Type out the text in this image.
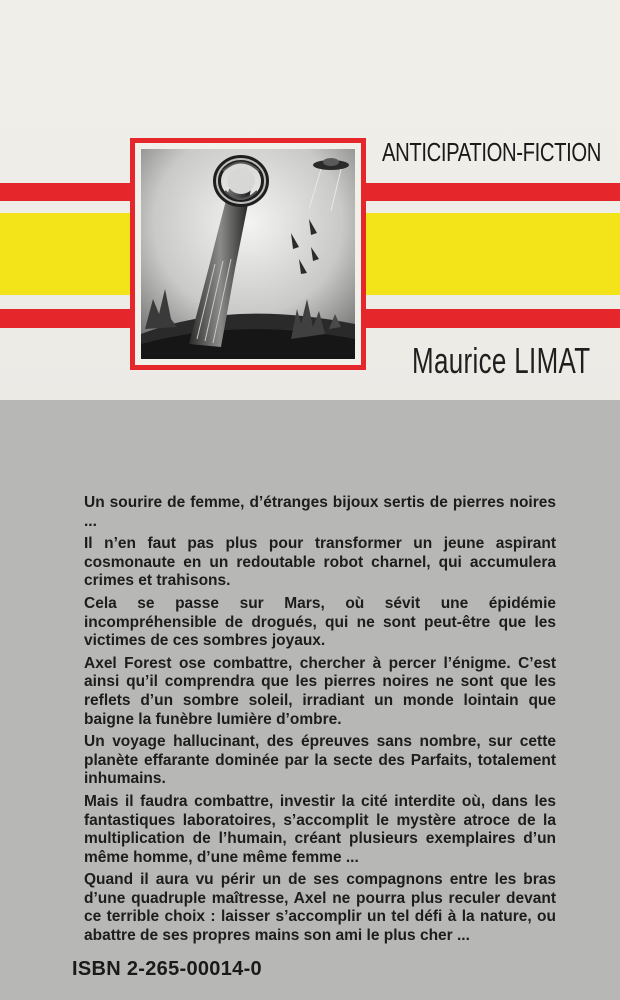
ANTICIPATION-FICTION
Maurice LIMAT

Un sourire de femme, d’étranges bijoux sertis de pierres noires ...

Il n’en faut pas plus pour transformer un jeune aspirant cosmonaute en un redoutable robot charnel, qui accumulera crimes et trahisons.

Cela se passe sur Mars, où sévit une épidémie incompréhensible de drogués, qui ne sont peut-être que les victimes de ces sombres joyaux.

Axel Forest ose combattre, chercher à percer l’énigme. C’est ainsi qu’il comprendra que les pierres noires ne sont que les reflets d’un sombre soleil, irradiant un monde lointain que baigne la funèbre lumière d’ombre.

Un voyage hallucinant, des épreuves sans nombre, sur cette planète effarante dominée par la secte des Parfaits, totalement inhumains.

Mais il faudra combattre, investir la cité interdite où, dans les fantastiques laboratoires, s’accomplit le mystère atroce de la multiplication de l’humain, créant plusieurs exemplaires d’un même homme, d’une même femme ...

Quand il aura vu périr un de ses compagnons entre les bras d’une quadruple maîtresse, Axel ne pourra plus reculer devant ce terrible choix : laisser s’accomplir un tel défi à la nature, ou abattre de ses propres mains son ami le plus cher ...

ISBN 2-265-00014-0
